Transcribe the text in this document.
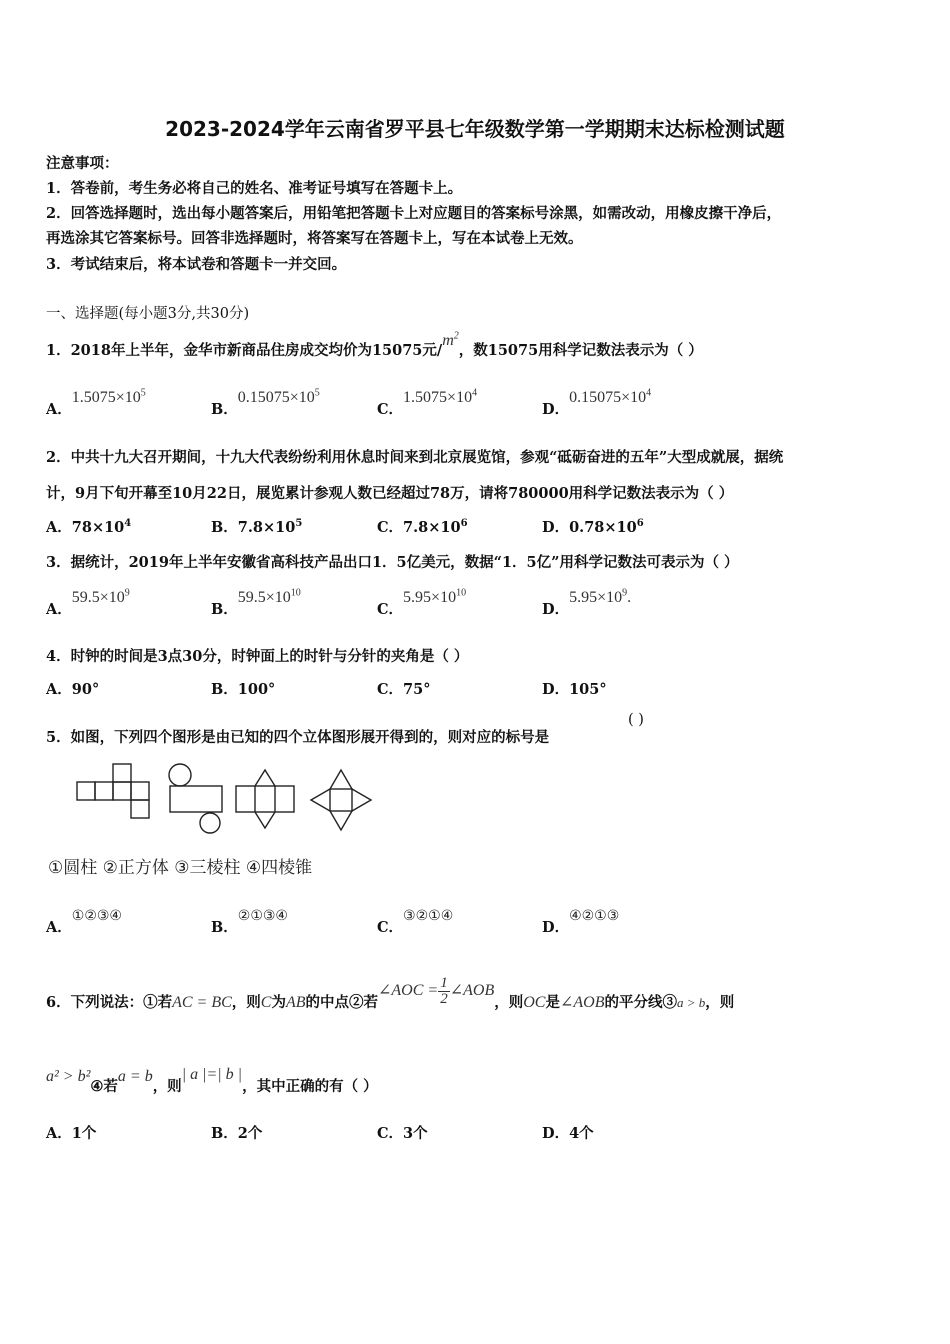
2023-2024学年云南省罗平县七年级数学第一学期期末达标检测试题
注意事项：
1．答卷前，考生务必将自己的姓名、准考证号填写在答题卡上。
2．回答选择题时，选出每小题答案后，用铅笔把答题卡上对应题目的答案标号涂黑，如需改动，用橡皮擦干净后，
再选涂其它答案标号。回答非选择题时，将答案写在答题卡上，写在本试卷上无效。
3．考试结束后，将本试卷和答题卡一并交回。
一、选择题(每小题3分,共30分)
1．2018年上半年，金华市新商品住房成交均价为15075元$/m^2$，数15075用科学记数法表示为（ ）
A．$1.5075\times 10^5$
B．$0.15075\times 10^5$
C．$1.5075\times 10^4$
D．$0.15075\times 10^4$
2．中共十九大召开期间，十九大代表纷纷利用休息时间来到北京展览馆，参观“砥砺奋进的五年”大型成就展，据统
计，9月下旬开幕至10月22日，展览累计参观人数已经超过78万，请将780000用科学记数法表示为（ ）
A．$78\times 10^4$	B．$7.8\times 10^5$	C．$7.8\times 10^6$	D．$0.78\times 10^6$
3．据统计，2019年上半年安徽省高科技产品出口1．5亿美元，数据“1．5亿”用科学记数法可表示为（ ）
A．$59.5\times 10^9$
B．$59.5\times 10^{10}$
C．$5.95\times 10^{10}$
D．$5.95\times 10^9$.
4．时钟的时间是3点30分，时钟面上的时针与分针的夹角是（ ）
A．90°	B．100°	C．75°	D．105°
5．如图，下列四个图形是由已知的四个立体图形展开得到的，则对应的标号是
( )
①圆柱 ②正方体 ③三棱柱 ④四棱锥
A．①②③④
B．②①③④
C．③②①④
D．④②①③
6．下列说法：①若AC = BC，则C为AB的中点②若∠AOC = $\frac{1}{2}$ ∠AOB，则OC是∠AOB的平分线③a > b，则
a² > b²④若a = b，则| a |=| b |，其中正确的有（ ）
A．1个	B．2个	C．3个	D．4个
